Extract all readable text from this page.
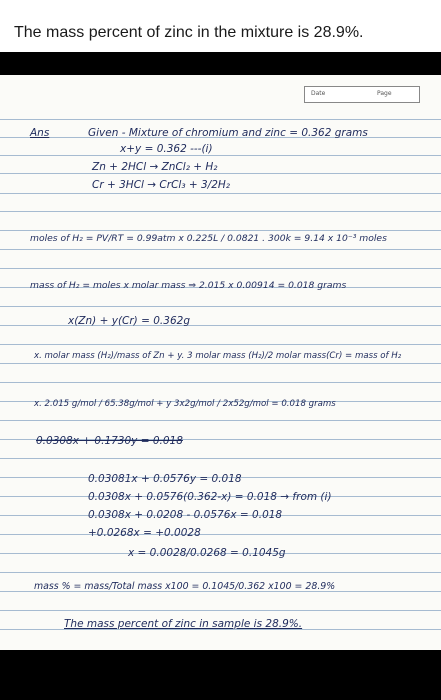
The mass percent of zinc in the mixture is 28.9%.
Date	Page
Ans	Given - Mixture of chromium and zinc = 0.362 grams
x+y = 0.362 ---(i)
Zn + 2HCl → ZnCl₂ + H₂
Cr + 3HCl → CrCl₃ + 3/2H₂
moles of H₂ = PV/RT = 0.99atm x 0.225L / 0.0821 . 300k = 9.14 x 10⁻³ moles
mass of H₂ = moles x molar mass ⇒ 2.015 x 0.00914 = 0.018 grams
x(Zn) + y(Cr) = 0.362g
x. molar mass (H₂)/mass of Zn + y. 3 molar mass (H₂)/2 molar mass(Cr) = mass of H₂
x. 2.015 g/mol / 65.38g/mol + y 3x2g/mol / 2x52g/mol = 0.018 grams
0.0308x + 0.1730y = 0.018
0.03081x + 0.0576y = 0.018
0.0308x + 0.0576(0.362-x) = 0.018 → from (i)
0.0308x + 0.0208 - 0.0576x = 0.018
+0.0268x = +0.0028
x = 0.0028/0.0268 = 0.1045g
mass % = mass/Total mass x100 = 0.1045/0.362 x100 = 28.9%
The mass percent of zinc in sample is 28.9%.
